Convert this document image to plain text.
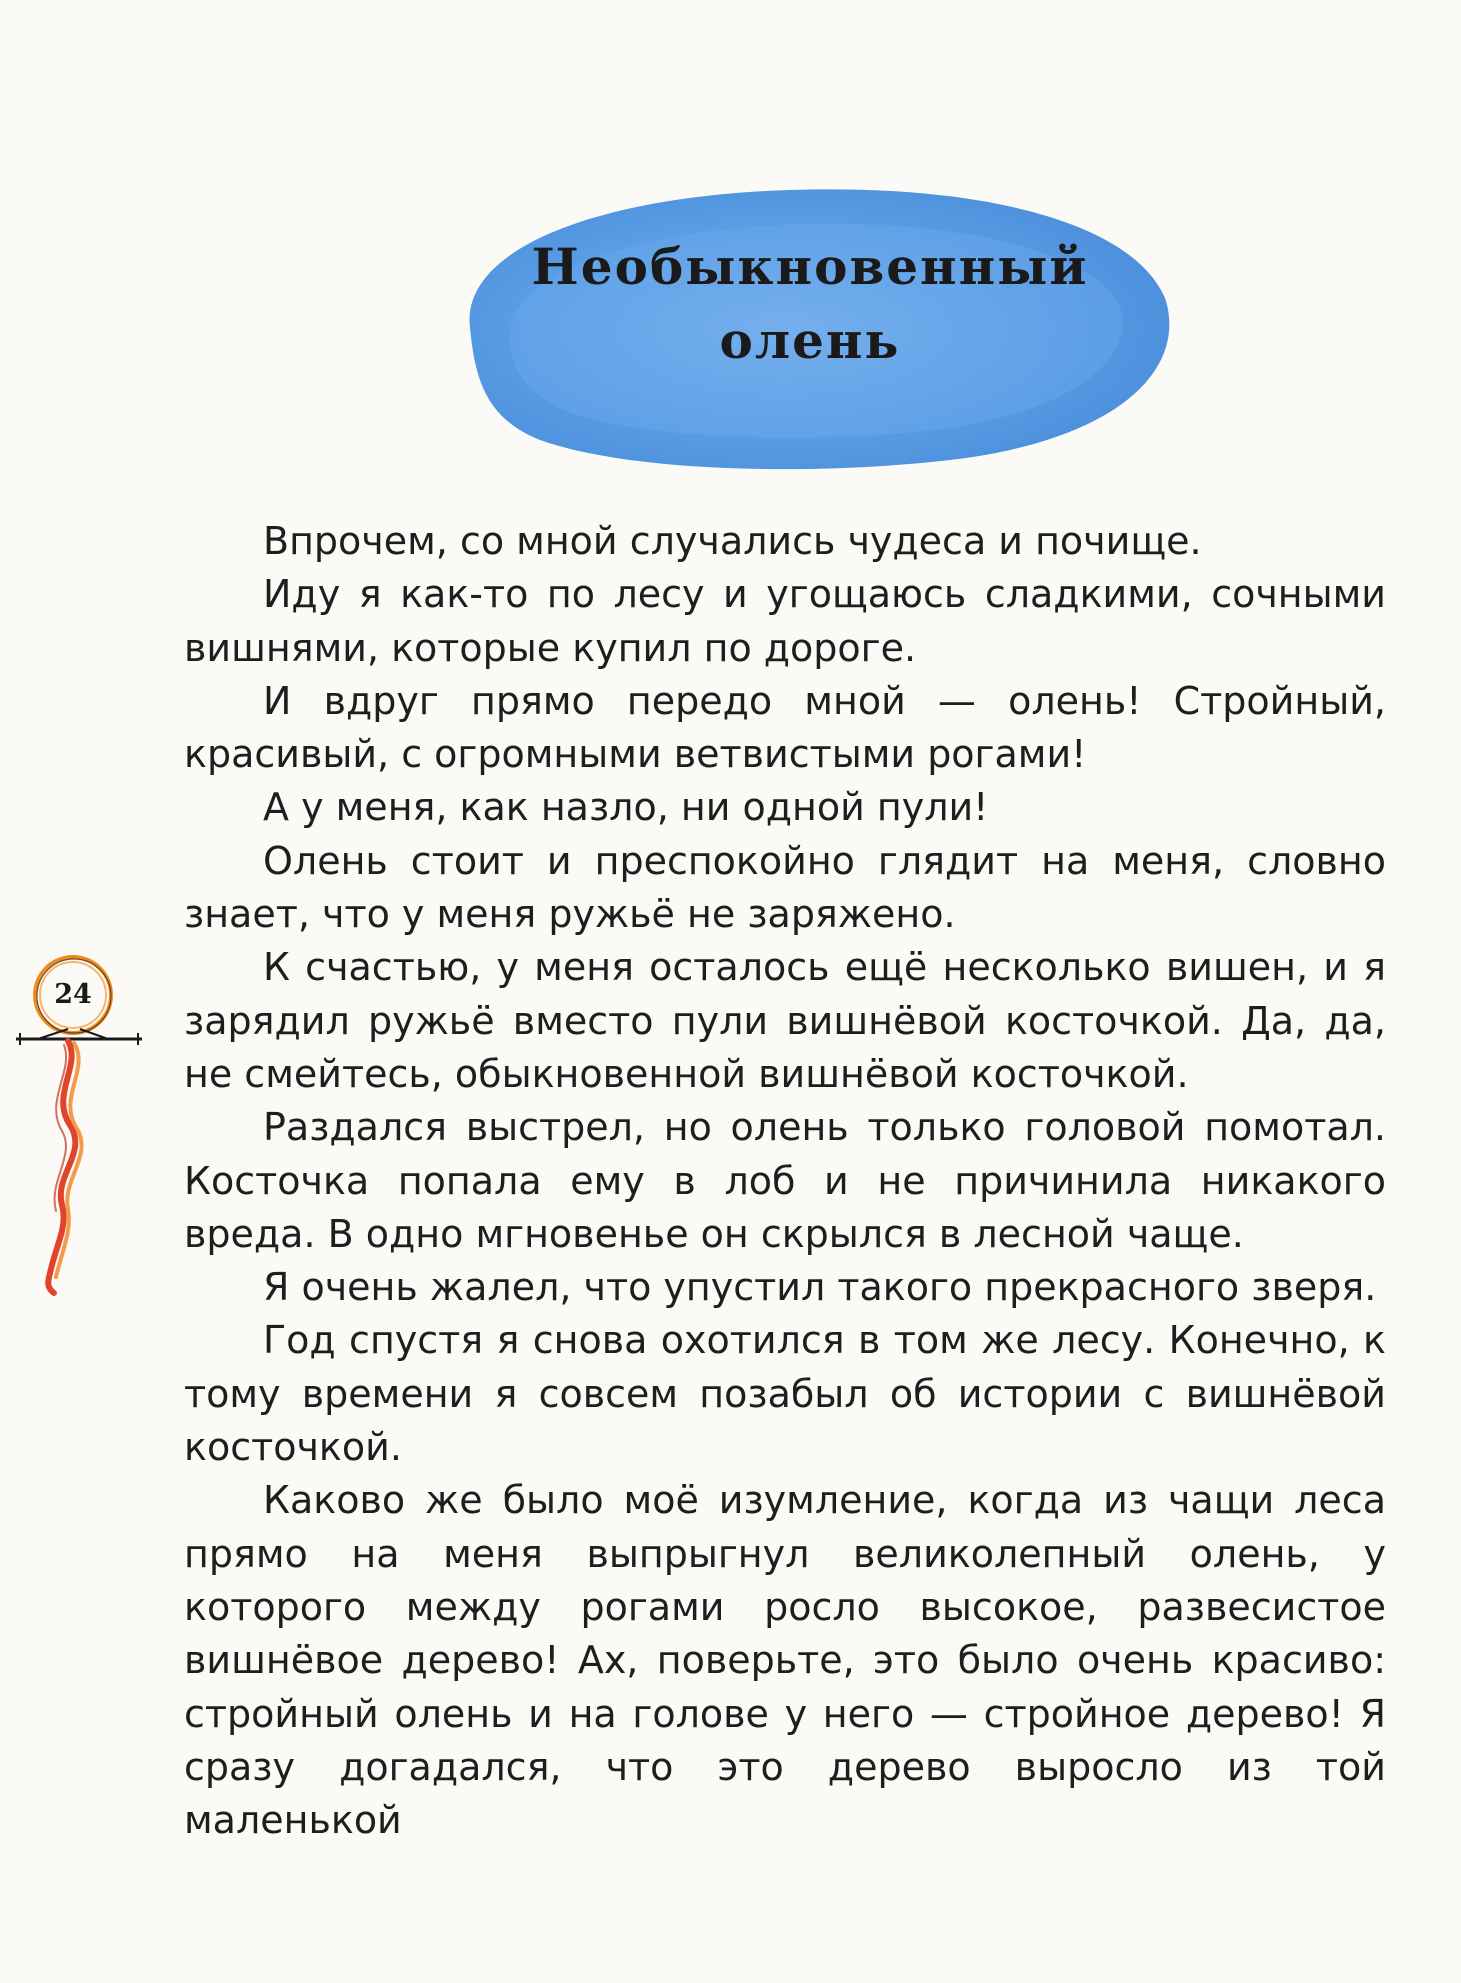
Необыкновенный
олень

Впрочем, со мной случались чудеса и почище.

Иду я как-то по лесу и угощаюсь сладкими, сочными вишнями, которые купил по дороге.

И вдруг прямо передо мной — олень! Стройный, красивый, с огромными ветвистыми рогами!

А у меня, как назло, ни одной пули!

Олень стоит и преспокойно глядит на меня, словно знает, что у меня ружьё не заряжено.

К счастью, у меня осталось ещё несколько вишен, и я зарядил ружьё вместо пули вишнёвой косточкой. Да, да, не смейтесь, обыкновенной вишнёвой косточкой.

Раздался выстрел, но олень только головой помотал. Косточка попала ему в лоб и не причинила никакого вреда. В одно мгновенье он скрылся в лесной чаще.

Я очень жалел, что упустил такого прекрасного зверя.

Год спустя я снова охотился в том же лесу. Конечно, к тому времени я совсем позабыл об истории с вишнёвой косточкой.

Каково же было моё изумление, когда из чащи леса прямо на меня выпрыгнул великолепный олень, у которого между рогами росло высокое, развесистое вишнёвое дерево! Ах, поверьте, это было очень красиво: стройный олень и на голове у него — стройное дерево! Я сразу догадался, что это дерево выросло из той маленькой

24
